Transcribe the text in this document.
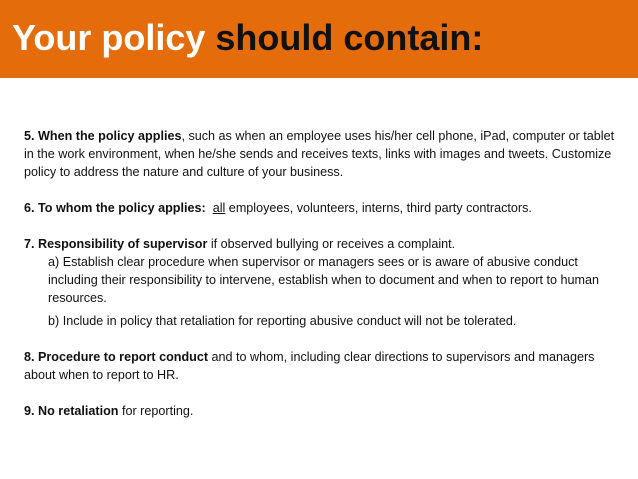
Your policy should contain:

5. When the policy applies, such as when an employee uses his/her cell phone, iPad, computer or tablet in the work environment, when he/she sends and receives texts, links with images and tweets. Customize policy to address the nature and culture of your business.

6. To whom the policy applies: all employees, volunteers, interns, third party contractors.

7. Responsibility of supervisor if observed bullying or receives a complaint.

a) Establish clear procedure when supervisor or managers sees or is aware of abusive conduct including their responsibility to intervene, establish when to document and when to report to human resources.

b) Include in policy that retaliation for reporting abusive conduct will not be tolerated.

8. Procedure to report conduct and to whom, including clear directions to supervisors and managers about when to report to HR.

9. No retaliation for reporting.
